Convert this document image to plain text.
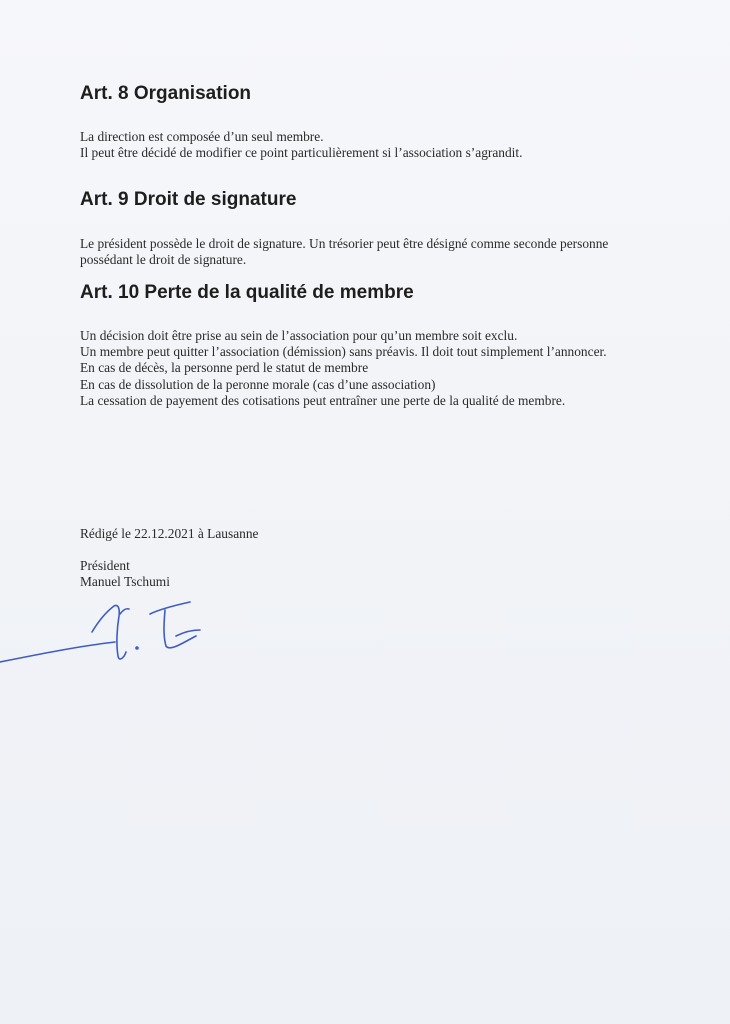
Art. 8 Organisation

La direction est composée d’un seul membre.
Il peut être décidé de modifier ce point particulièrement si l’association s’agrandit.

Art. 9 Droit de signature

Le président possède le droit de signature. Un trésorier peut être désigné comme seconde personne
possédant le droit de signature.

Art. 10 Perte de la qualité de membre

Un décision doit être prise au sein de l’association pour qu’un membre soit exclu.
Un membre peut quitter l’association (démission) sans préavis. Il doit tout simplement l’annoncer.
En cas de décès, la personne perd le statut de membre
En cas de dissolution de la peronne morale (cas d’une association)
La cessation de payement des cotisations peut entraîner une perte de la qualité de membre.

Rédigé le 22.12.2021 à Lausanne

Président
Manuel Tschumi
